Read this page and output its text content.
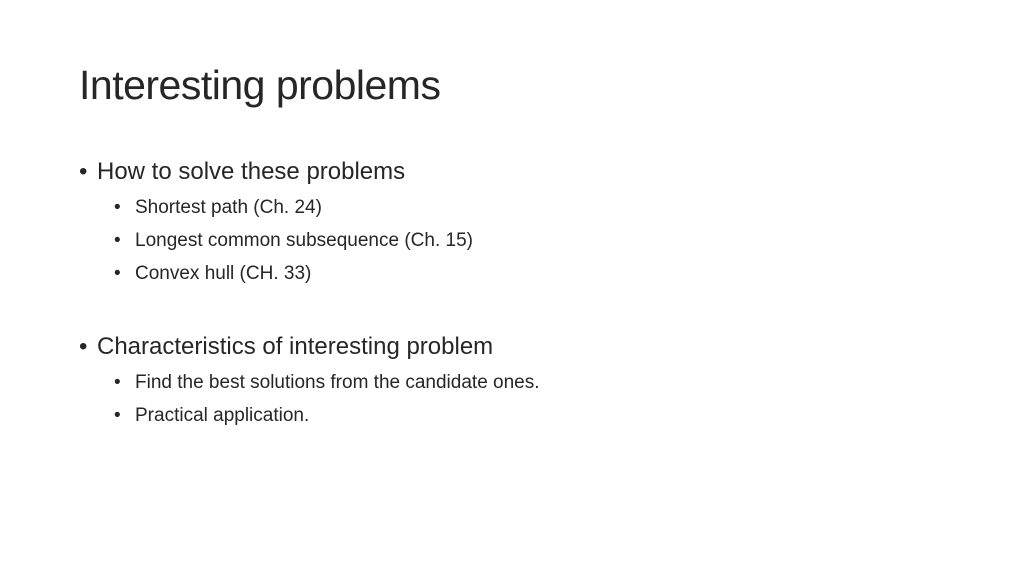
Interesting problems
• How to solve these problems
• Shortest path (Ch. 24)
• Longest common subsequence (Ch. 15)
• Convex hull (CH. 33)
• Characteristics of interesting problem
• Find the best solutions from the candidate ones.
• Practical application.
